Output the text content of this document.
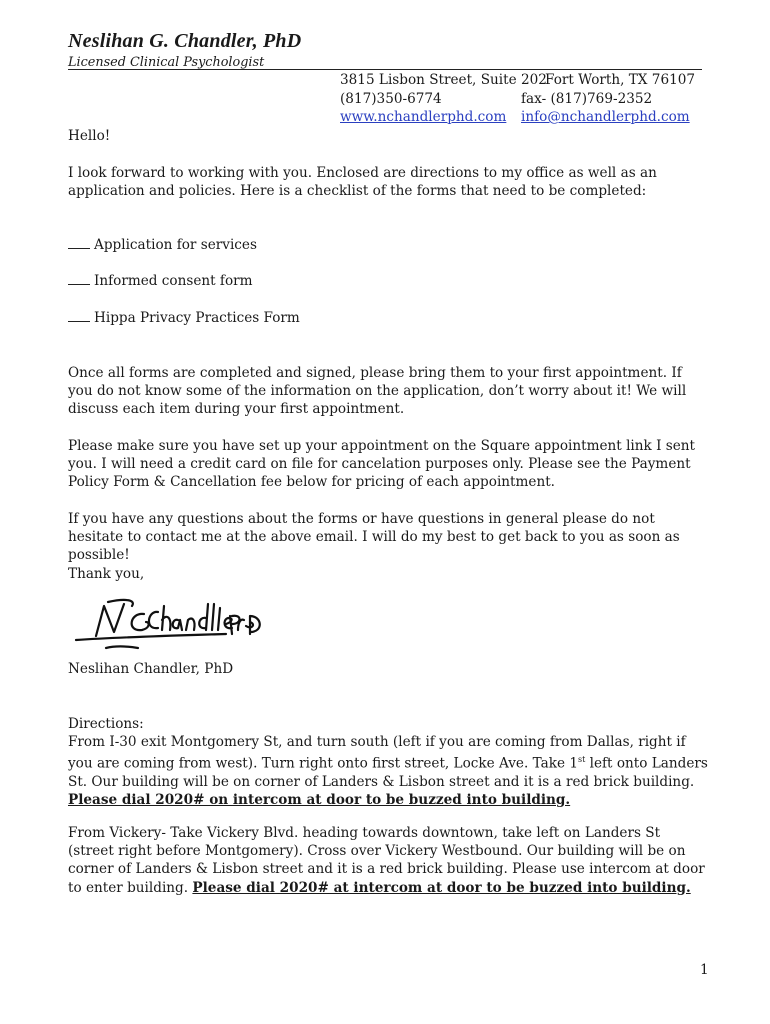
Neslihan G. Chandler, PhD
Licensed Clinical Psychologist
3815 Lisbon Street, Suite 202
Fort Worth, TX 76107
(817)350-6774	fax- (817)769-2352
www.nchandlerphd.com info@nchandlerphd.com
Hello!
I look forward to working with you. Enclosed are directions to my office as well as an application and policies. Here is a checklist of the forms that need to be completed:
Application for services
Informed consent form
Hippa Privacy Practices Form
Once all forms are completed and signed, please bring them to your first appointment. If you do not know some of the information on the application, don’t worry about it! We will discuss each item during your first appointment.
Please make sure you have set up your appointment on the Square appointment link I sent you. I will need a credit card on file for cancelation purposes only. Please see the Payment Policy Form & Cancellation fee below for pricing of each appointment.
If you have any questions about the forms or have questions in general please do not hesitate to contact me at the above email. I will do my best to get back to you as soon as possible!
Thank you,
Neslihan Chandler, PhD
Directions:
From I-30 exit Montgomery St, and turn south (left if you are coming from Dallas, right if you are coming from west). Turn right onto first street, Locke Ave. Take 1st left onto Landers St. Our building will be on corner of Landers & Lisbon street and it is a red brick building. Please dial 2020# on intercom at door to be buzzed into building.
From Vickery- Take Vickery Blvd. heading towards downtown, take left on Landers St (street right before Montgomery). Cross over Vickery Westbound. Our building will be on corner of Landers & Lisbon street and it is a red brick building. Please use intercom at door to enter building. Please dial 2020# at intercom at door to be buzzed into building.
1
